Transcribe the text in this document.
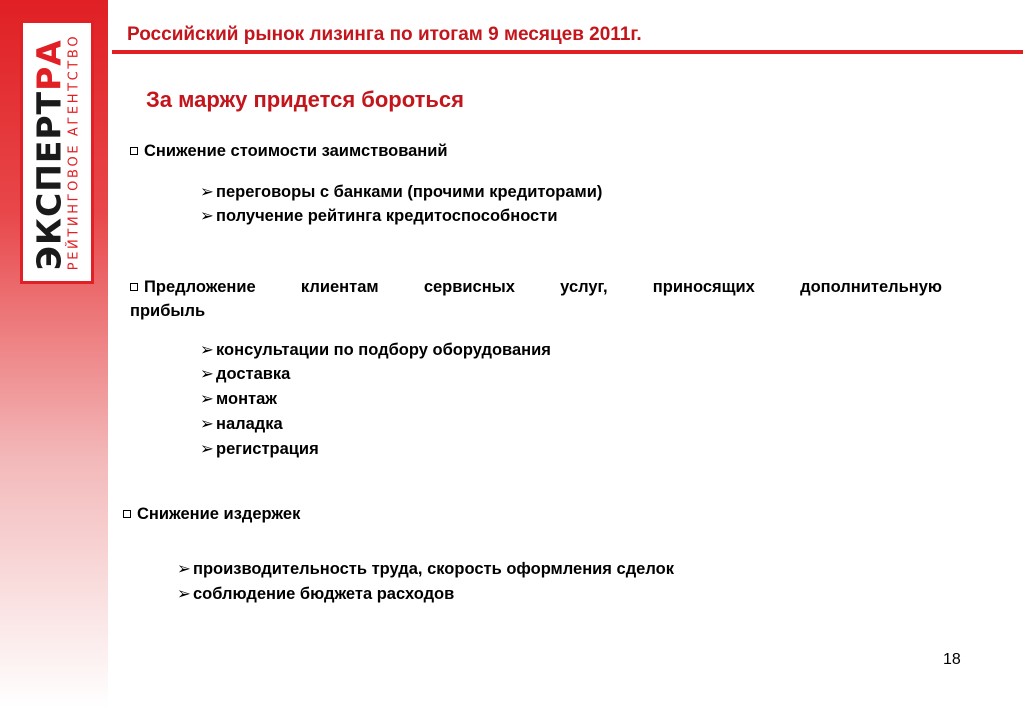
ЭКСПЕРТРА
РЕЙТИНГОВОЕ АГЕНТСТВО Российский рынок лизинга по итогам 9 месяцев 2011г.
За маржу придется бороться
Снижение стоимости заимствований
➢ переговоры с банками (прочими кредиторами)
➢ получение рейтинга кредитоспособности
Предложение клиентам сервисных услуг, приносящих дополнительную
прибыль
➢ консультации по подбору оборудования
➢ доставка
➢ монтаж
➢ наладка
➢ регистрация
Снижение издержек
➢ производительность труда, скорость оформления сделок
➢ соблюдение бюджета расходов
18
